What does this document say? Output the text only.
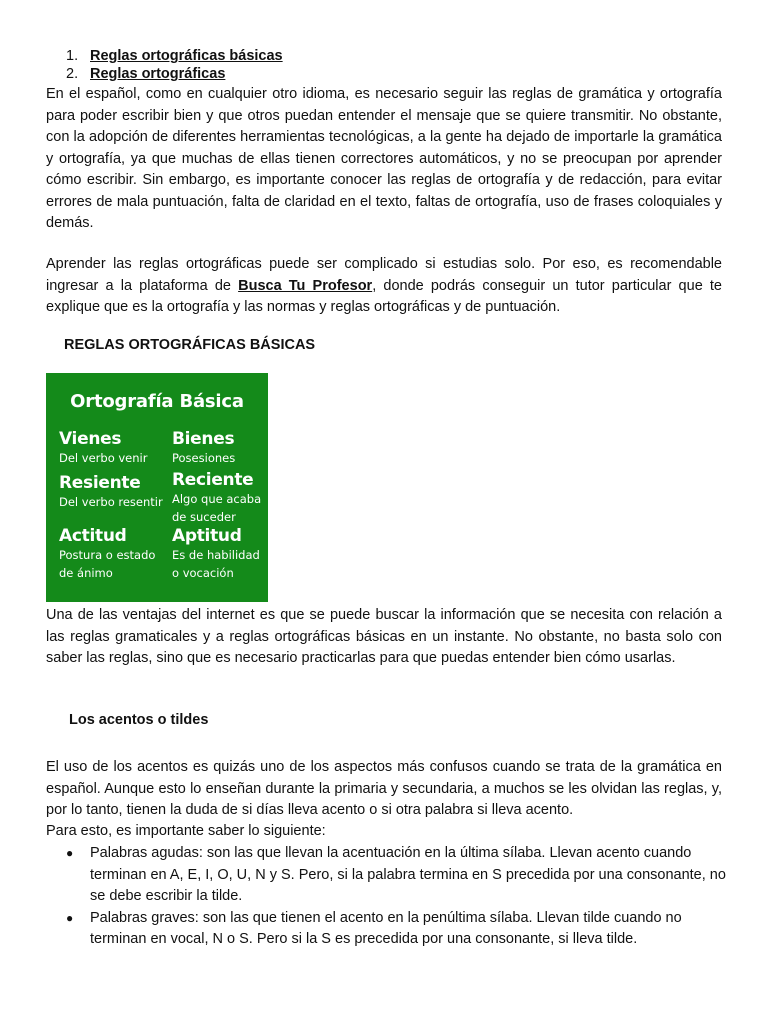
1. Reglas ortográficas básicas
2. Reglas ortográficas

En el español, como en cualquier otro idioma, es necesario seguir las reglas de gramática y ortografía para poder escribir bien y que otros puedan entender el mensaje que se quiere transmitir. No obstante, con la adopción de diferentes herramientas tecnológicas, a la gente ha dejado de importarle la gramática y ortografía, ya que muchas de ellas tienen correctores automáticos, y no se preocupan por aprender cómo escribir. Sin embargo, es importante conocer las reglas de ortografía y de redacción, para evitar errores de mala puntuación, falta de claridad en el texto, faltas de ortografía, uso de frases coloquiales y demás.

Aprender las reglas ortográficas puede ser complicado si estudias solo. Por eso, es recomendable ingresar a la plataforma de Busca Tu Profesor, donde podrás conseguir un tutor particular que te explique que es la ortografía y las normas y reglas ortográficas y de puntuación.

REGLAS ORTOGRÁFICAS BÁSICAS
Ortografía Básica
Vienes
Del verbo venir
Bienes
Posesiones
Resiente
Del verbo resentir
Reciente
Algo que acaba
de suceder
Actitud
Postura o estado
de ánimo
Aptitud
Es de habilidad
o vocación

Una de las ventajas del internet es que se puede buscar la información que se necesita con relación a las reglas gramaticales y a reglas ortográficas básicas en un instante. No obstante, no basta solo con saber las reglas, sino que es necesario practicarlas para que puedas entender bien cómo usarlas.

Los acentos o tildes

El uso de los acentos es quizás uno de los aspectos más confusos cuando se trata de la gramática en español. Aunque esto lo enseñan durante la primaria y secundaria, a muchos se les olvidan las reglas, y, por lo tanto, tienen la duda de si días lleva acento o si otra palabra si lleva acento.

Para esto, es importante saber lo siguiente:

● Palabras agudas: son las que llevan la acentuación en la última sílaba. Llevan acento cuando terminan en A, E, I, O, U, N y S. Pero, si la palabra termina en S precedida por una consonante, no se debe escribir la tilde.
● Palabras graves: son las que tienen el acento en la penúltima sílaba. Llevan tilde cuando no terminan en vocal, N o S. Pero si la S es precedida por una consonante, si lleva tilde.
